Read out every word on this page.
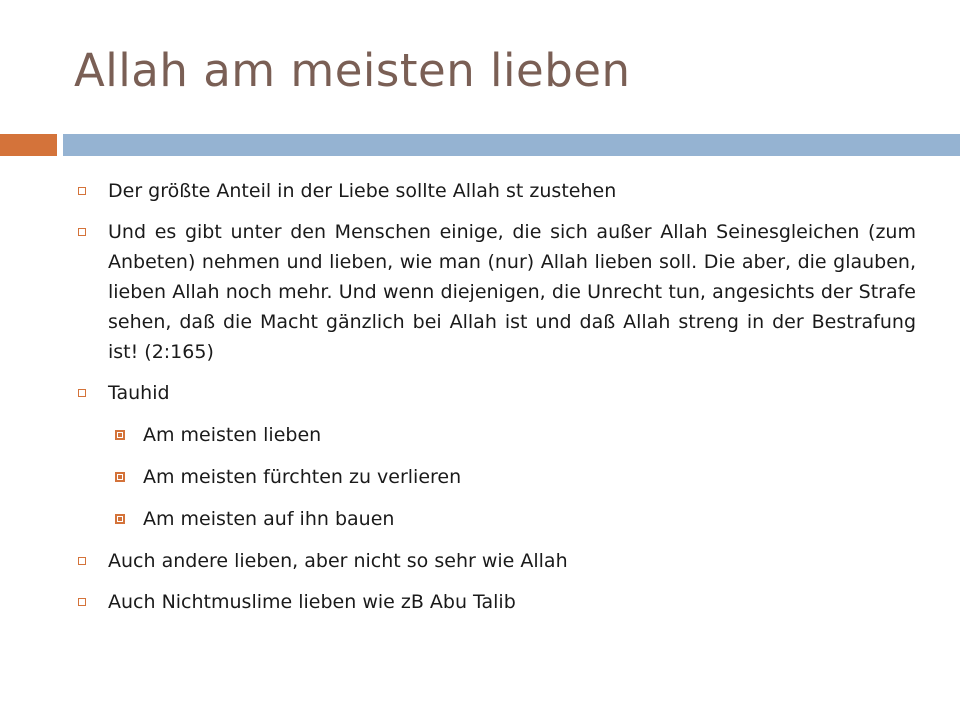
Allah am meisten lieben
Der größte Anteil in der Liebe sollte Allah st zustehen
Und es gibt unter den Menschen einige, die sich außer Allah Seinesgleichen (zum Anbeten) nehmen und lieben, wie man (nur) Allah lieben soll. Die aber, die glauben, lieben Allah noch mehr. Und wenn diejenigen, die Unrecht tun, angesichts der Strafe sehen, daß die Macht gänzlich bei Allah ist und daß Allah streng in der Bestrafung ist! (2:165)
Tauhid
Am meisten lieben
Am meisten fürchten zu verlieren
Am meisten auf ihn bauen
Auch andere lieben, aber nicht so sehr wie Allah
Auch Nichtmuslime lieben wie zB Abu Talib
